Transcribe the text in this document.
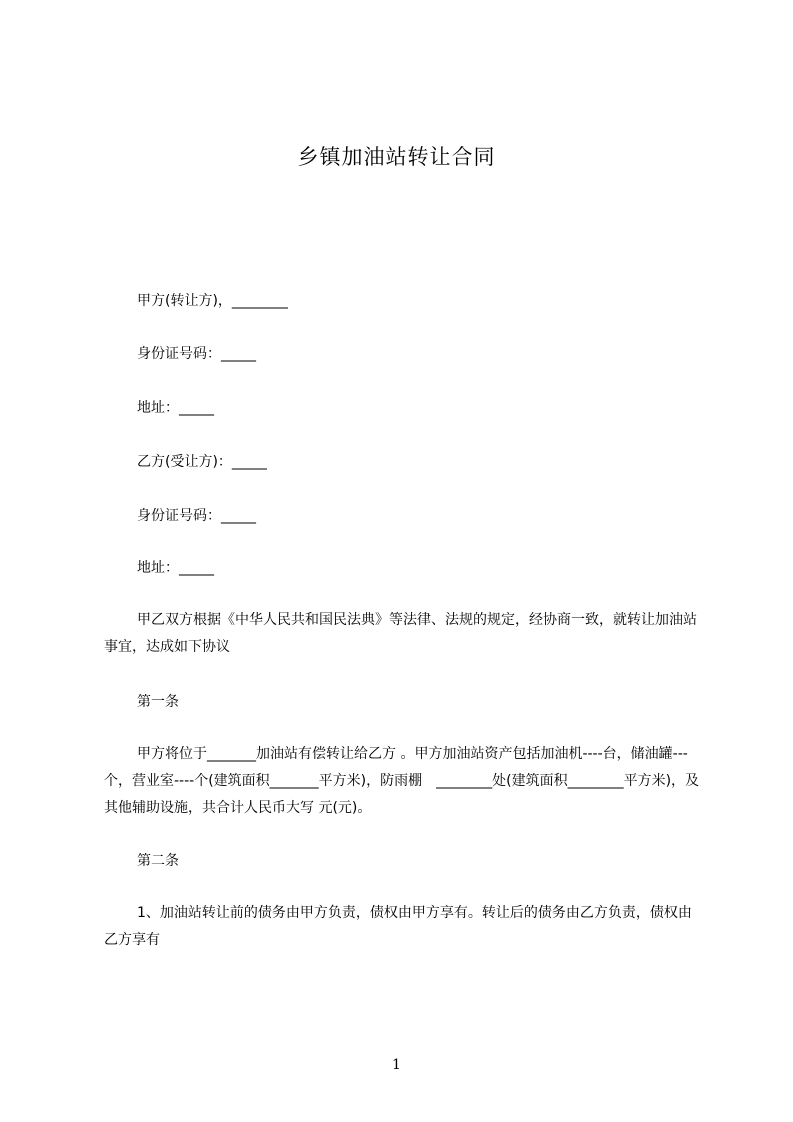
乡镇加油站转让合同

甲方(转让方)，________

身份证号码：_____

地址：_____

乙方(受让方)：_____

身份证号码：_____

地址：_____

甲乙双方根据《中华人民共和国民法典》等法律、法规的规定，经协商一致，就转让加油站事宜，达成如下协议

第一条

甲方将位于_______加油站有偿转让给乙方 。甲方加油站资产包括加油机----台，储油罐---个，营业室----个(建筑面积_______平方米)，防雨棚　________处(建筑面积________平方米)，及其他辅助设施，共合计人民币大写 元(元)。

第二条

1、加油站转让前的债务由甲方负责，债权由甲方享有。转让后的债务由乙方负责，债权由乙方享有

1
